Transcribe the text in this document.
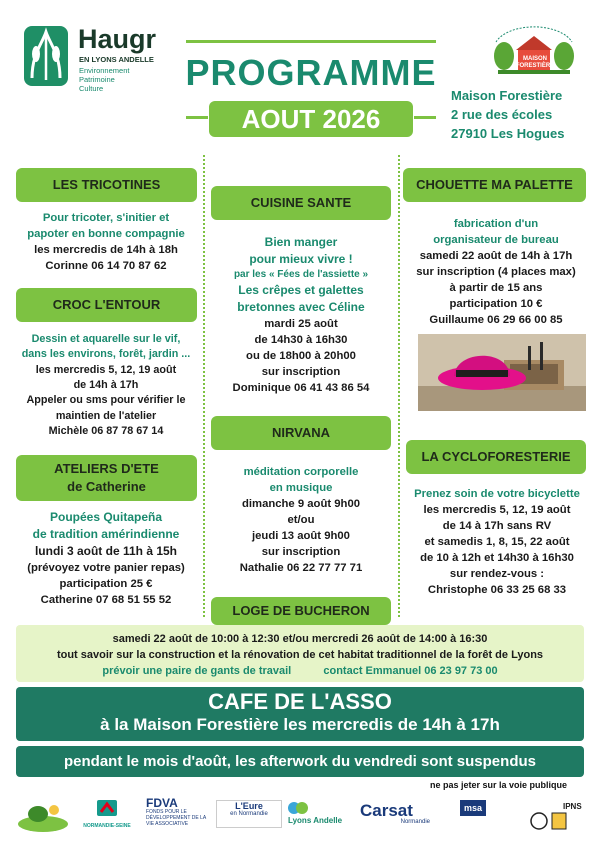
Haugr
EN LYONS ANDELLE
Environnement
Patrimoine
Culture PROGRAMME
AOUT 2026
MAISON FORESTIÈRE
Maison Forestière
2 rue des écoles
27910 Les Hogues
LES TRICOTINES
Pour tricoter, s'initier et
papoter en bonne compagnie
les mercredis de 14h à 18h
Corinne 06 14 70 87 62
CROC L'ENTOUR
Dessin et aquarelle sur le vif,
dans les environs, forêt, jardin ...
les mercredis 5, 12, 19 août
de 14h à 17h
Appeler ou sms pour vérifier le
maintien de l'atelier
Michèle 06 87 78 67 14
ATELIERS D'ETE
de Catherine
Poupées Quitapeña
de tradition amérindienne
lundi 3 août de 11h à 15h
(prévoyez votre panier repas)
participation 25 €
Catherine 07 68 51 55 52
CUISINE SANTE
Bien manger
pour mieux vivre !
par les « Fées de l'assiette »
Les crêpes et galettes
bretonnes avec Céline
mardi 25 août
de 14h30 à 16h30
ou de 18h00 à 20h00
sur inscription
Dominique 06 41 43 86 54
NIRVANA
méditation corporelle
en musique
dimanche 9 août 9h00
et/ou
jeudi 13 août 9h00
sur inscription
Nathalie 06 22 77 77 71
LOGE DE BUCHERON
CHOUETTE MA PALETTE
fabrication d'un
organisateur de bureau
samedi 22 août de 14h à 17h
sur inscription (4 places max)
à partir de 15 ans
participation 10 €
Guillaume 06 29 66 00 85
LA CYCLOFORESTERIE
Prenez soin de votre bicyclette
les mercredis 5, 12, 19 août
de 14 à 17h sans RV
et samedis 1, 8, 15, 22 août
de 10 à 12h et 14h30 à 16h30
sur rendez-vous :
Christophe 06 33 25 68 33
samedi 22 août de 10:00 à 12:30 et/ou mercredi 26 août de 14:00 à 16:30
tout savoir sur la construction et la rénovation de cet habitat traditionnel de la forêt de Lyons
prévoir une paire de gants de travail	contact Emmanuel 06 23 97 73 00
CAFE DE L'ASSO
à la Maison Forestière les mercredis de 14h à 17h
pendant le mois d'août, les afterwork du vendredi sont suspendus
ne pas jeter sur la voie publique
NORMANDIE-SEINE
FDVA
FONDS POUR LE DÉVELOPPEMENT DE LA VIE ASSOCIATIVE
L'Eure
en Normandie
Lyons Andelle
Carsat
Normandie
msa	IPNS
